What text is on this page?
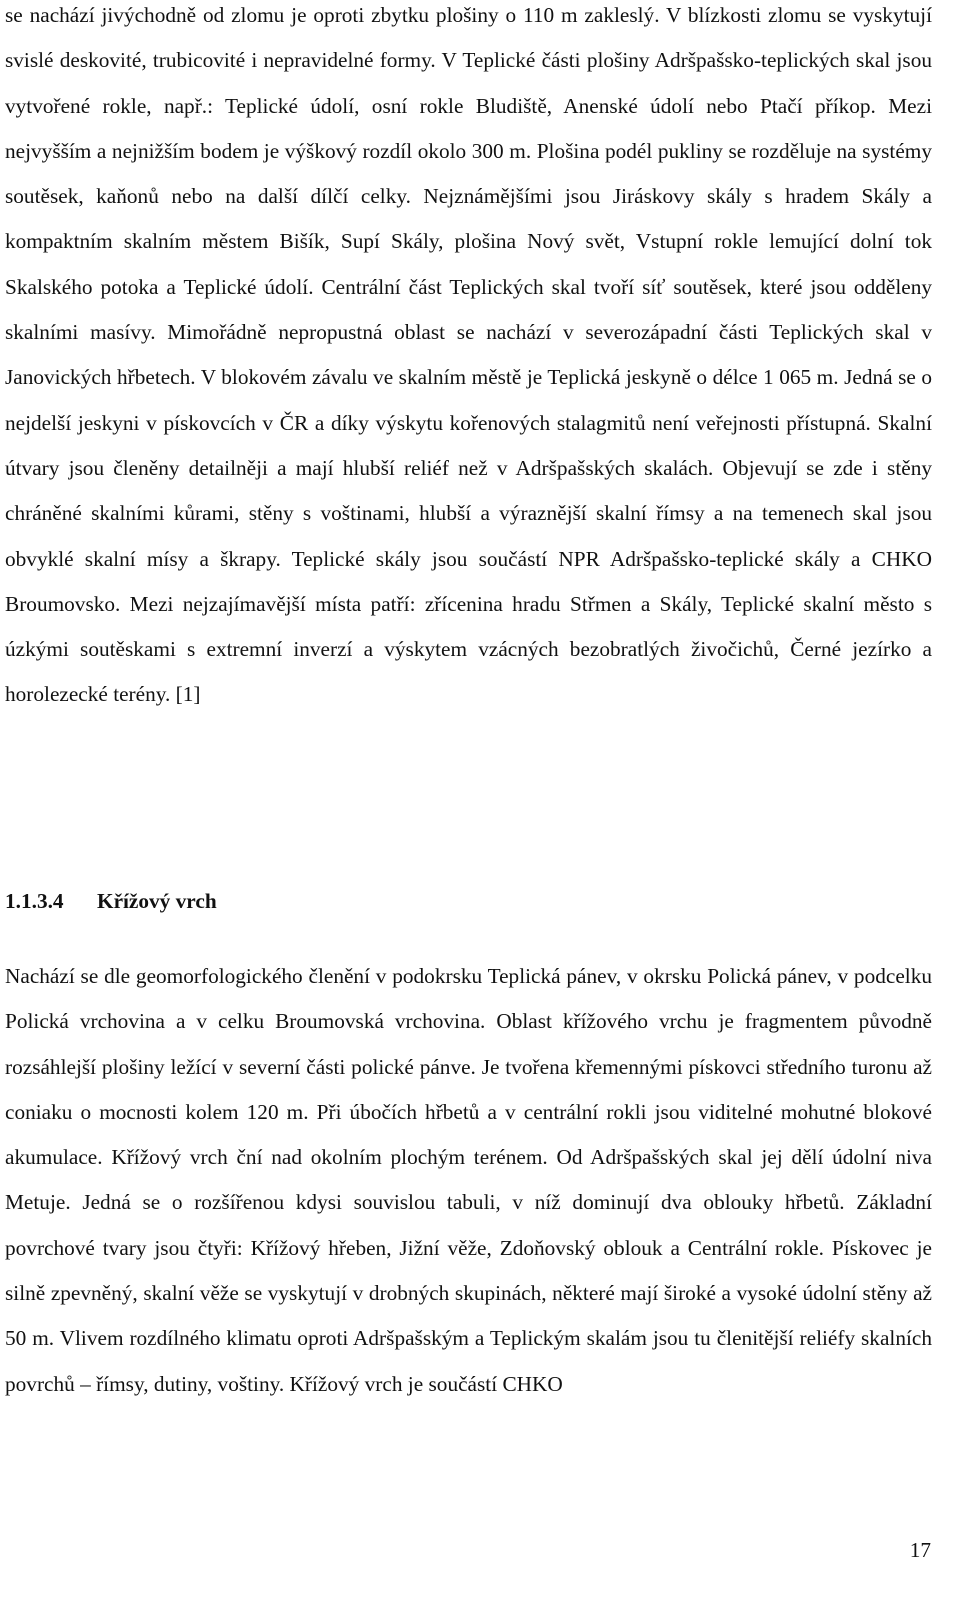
se nachází jivýchodně od zlomu je oproti zbytku plošiny o 110 m zakleslý. V blízkosti zlomu se vyskytují svislé deskovité, trubicovité i nepravidelné formy. V Teplické části plošiny Adršpašsko-teplických skal jsou vytvořené rokle, např.: Teplické údolí, osní rokle Bludiště, Anenské údolí nebo Ptačí příkop. Mezi nejvyšším a nejnižším bodem je výškový rozdíl okolo 300 m. Plošina podél pukliny se rozděluje na systémy soutěsek, kaňonů nebo na další dílčí celky. Nejznámějšími jsou Jiráskovy skály s hradem Skály a kompaktním skalním městem Bišík, Supí Skály, plošina Nový svět, Vstupní rokle lemující dolní tok Skalského potoka a Teplické údolí. Centrální část Teplických skal tvoří síť soutěsek, které jsou odděleny skalními masívy. Mimořádně nepropustná oblast se nachází v severozápadní části Teplických skal v Janovických hřbetech. V blokovém závalu ve skalním městě je Teplická jeskyně o délce 1 065 m. Jedná se o nejdelší jeskyni v pískovcích v ČR a díky výskytu kořenových stalagmitů není veřejnosti přístupná. Skalní útvary jsou členěny detailněji a mají hlubší reliéf než v Adršpašských skalách. Objevují se zde i stěny chráněné skalními kůrami, stěny s voštinami, hlubší a výraznější skalní římsy a na temenech skal jsou obvyklé skalní mísy a škrapy. Teplické skály jsou součástí NPR Adršpašsko-teplické skály a CHKO Broumovsko. Mezi nejzajímavější místa patří: zřícenina hradu Střmen a Skály, Teplické skalní město s úzkými soutěskami s extremní inverzí a výskytem vzácných bezobratlých živočichů, Černé jezírko a horolezecké terény. [1]

1.1.3.4 Křížový vrch

Nachází se dle geomorfologického členění v podokrsku Teplická pánev, v okrsku Polická pánev, v podcelku Polická vrchovina a v celku Broumovská vrchovina. Oblast křížového vrchu je fragmentem původně rozsáhlejší plošiny ležící v severní části polické pánve. Je tvořena křemennými pískovci středního turonu až coniaku o mocnosti kolem 120 m. Při úbočích hřbetů a v centrální rokli jsou viditelné mohutné blokové akumulace. Křížový vrch ční nad okolním plochým terénem. Od Adršpašských skal jej dělí údolní niva Metuje. Jedná se o rozšířenou kdysi souvislou tabuli, v níž dominují dva oblouky hřbetů. Základní povrchové tvary jsou čtyři: Křížový hřeben, Jižní věže, Zdoňovský oblouk a Centrální rokle. Pískovec je silně zpevněný, skalní věže se vyskytují v drobných skupinách, některé mají široké a vysoké údolní stěny až 50 m. Vlivem rozdílného klimatu oproti Adršpašským a Teplickým skalám jsou tu členitější reliéfy skalních povrchů – římsy, dutiny, voštiny. Křížový vrch je součástí CHKO

17
